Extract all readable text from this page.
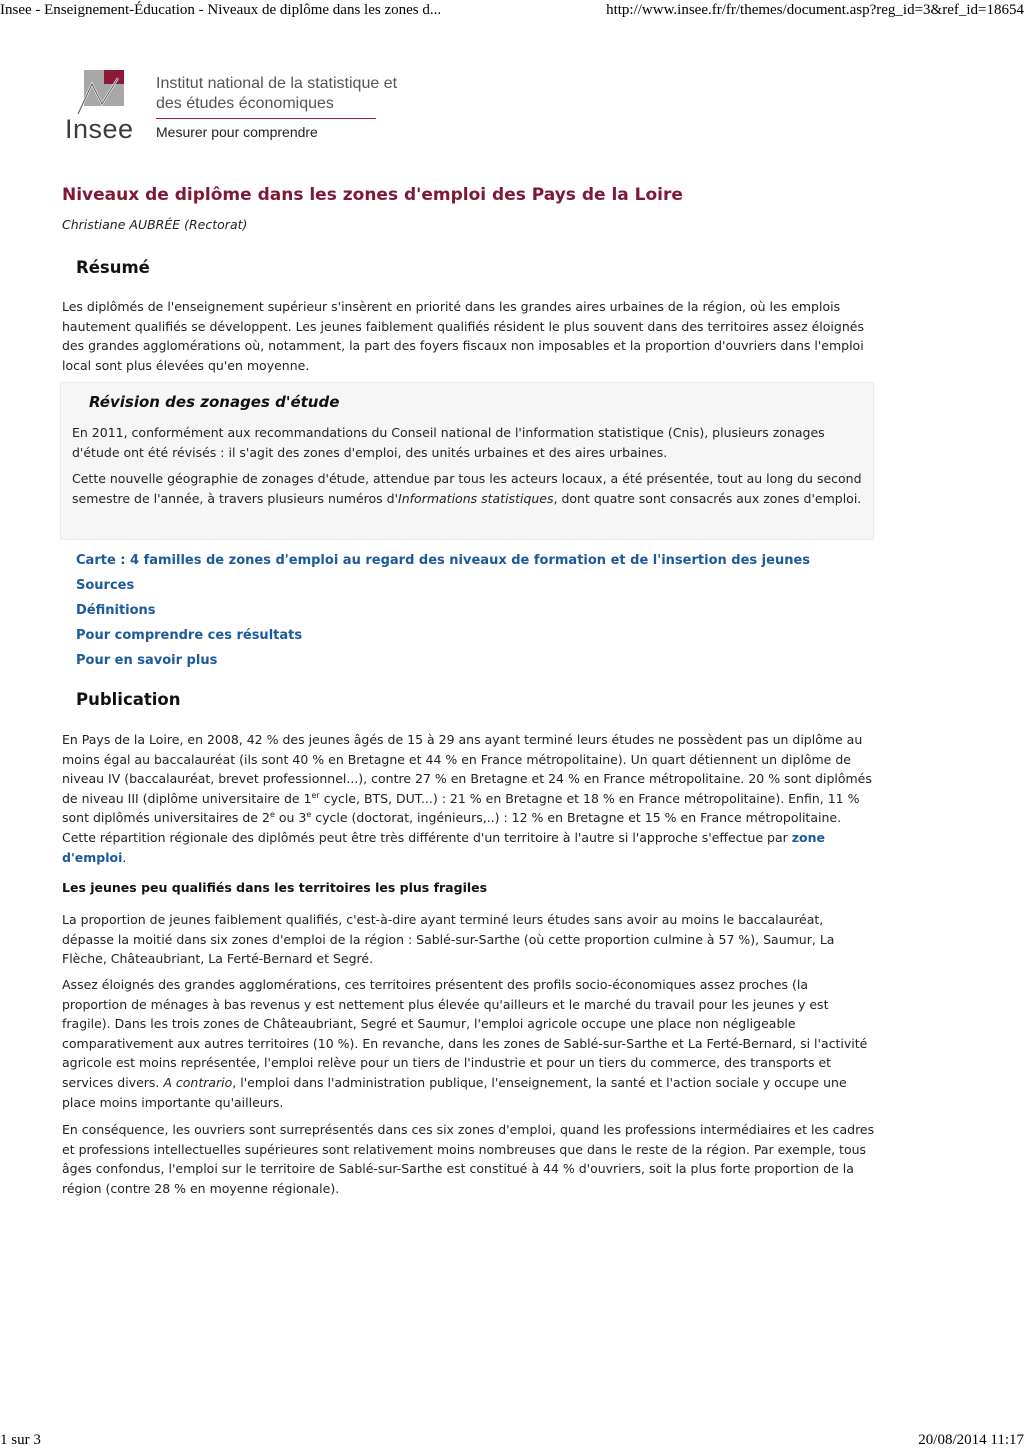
Insee - Enseignement-Éducation - Niveaux de diplôme dans les zones d...	http://www.insee.fr/fr/themes/document.asp?reg_id=3&ref_id=18654
Insee
Institut national de la statistique et des études économiques
Mesurer pour comprendre
Niveaux de diplôme dans les zones d'emploi des Pays de la Loire
Christiane AUBRÉE (Rectorat)
Résumé

Les diplômés de l'enseignement supérieur s'insèrent en priorité dans les grandes aires urbaines de la région, où les emplois hautement qualifiés se développent. Les jeunes faiblement qualifiés résident le plus souvent dans des territoires assez éloignés des grandes agglomérations où, notamment, la part des foyers fiscaux non imposables et la proportion d'ouvriers dans l'emploi local sont plus élevées qu'en moyenne.

Révision des zonages d'étude

En 2011, conformément aux recommandations du Conseil national de l'information statistique (Cnis), plusieurs zonages d'étude ont été révisés : il s'agit des zones d'emploi, des unités urbaines et des aires urbaines.

Cette nouvelle géographie de zonages d'étude, attendue par tous les acteurs locaux, a été présentée, tout au long du second semestre de l'année, à travers plusieurs numéros d'Informations statistiques, dont quatre sont consacrés aux zones d'emploi.

Carte : 4 familles de zones d'emploi au regard des niveaux de formation et de l'insertion des jeunes
Sources
Définitions
Pour comprendre ces résultats
Pour en savoir plus
Publication

En Pays de la Loire, en 2008, 42 % des jeunes âgés de 15 à 29 ans ayant terminé leurs études ne possèdent pas un diplôme au moins égal au baccalauréat (ils sont 40 % en Bretagne et 44 % en France métropolitaine). Un quart détiennent un diplôme de niveau IV (baccalauréat, brevet professionnel...), contre 27 % en Bretagne et 24 % en France métropolitaine. 20 % sont diplômés de niveau III (diplôme universitaire de 1er cycle, BTS, DUT...) : 21 % en Bretagne et 18 % en France métropolitaine). Enfin, 11 % sont diplômés universitaires de 2e ou 3e cycle (doctorat, ingénieurs,..) : 12 % en Bretagne et 15 % en France métropolitaine. Cette répartition régionale des diplômés peut être très différente d'un territoire à l'autre si l'approche s'effectue par zone d'emploi.

Les jeunes peu qualifiés dans les territoires les plus fragiles

La proportion de jeunes faiblement qualifiés, c'est-à-dire ayant terminé leurs études sans avoir au moins le baccalauréat, dépasse la moitié dans six zones d'emploi de la région : Sablé-sur-Sarthe (où cette proportion culmine à 57 %), Saumur, La Flèche, Châteaubriant, La Ferté-Bernard et Segré.

Assez éloignés des grandes agglomérations, ces territoires présentent des profils socio-économiques assez proches (la proportion de ménages à bas revenus y est nettement plus élevée qu'ailleurs et le marché du travail pour les jeunes y est fragile). Dans les trois zones de Châteaubriant, Segré et Saumur, l'emploi agricole occupe une place non négligeable comparativement aux autres territoires (10 %). En revanche, dans les zones de Sablé-sur-Sarthe et La Ferté-Bernard, si l'activité agricole est moins représentée, l'emploi relève pour un tiers de l'industrie et pour un tiers du commerce, des transports et services divers. A contrario, l'emploi dans l'administration publique, l'enseignement, la santé et l'action sociale y occupe une place moins importante qu'ailleurs.

En conséquence, les ouvriers sont surreprésentés dans ces six zones d'emploi, quand les professions intermédiaires et les cadres et professions intellectuelles supérieures sont relativement moins nombreuses que dans le reste de la région. Par exemple, tous âges confondus, l'emploi sur le territoire de Sablé-sur-Sarthe est constitué à 44 % d'ouvriers, soit la plus forte proportion de la région (contre 28 % en moyenne régionale).

1 sur 3	20/08/2014 11:17
